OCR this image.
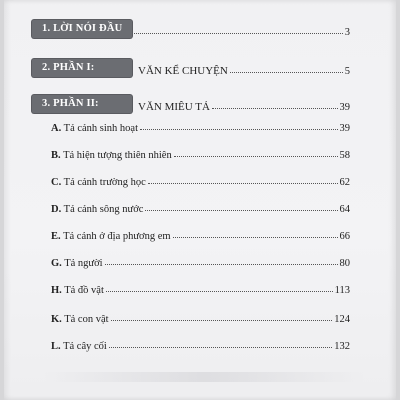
1. LỜI NÓI ĐẦU	3
2. PHẦN I:	VĂN KỂ CHUYỆN	5
3. PHẦN II:	VĂN MIÊU TẢ	39
A. Tả cảnh sinh hoạt	39
B. Tả hiện tượng thiên nhiên	58
C. Tả cảnh trường học	62
D. Tả cảnh sông nước	64
E. Tả cảnh ở địa phương em	66
G. Tả người	80
H. Tả đồ vật	113
K. Tả con vật	124
L. Tả cây cối	132
